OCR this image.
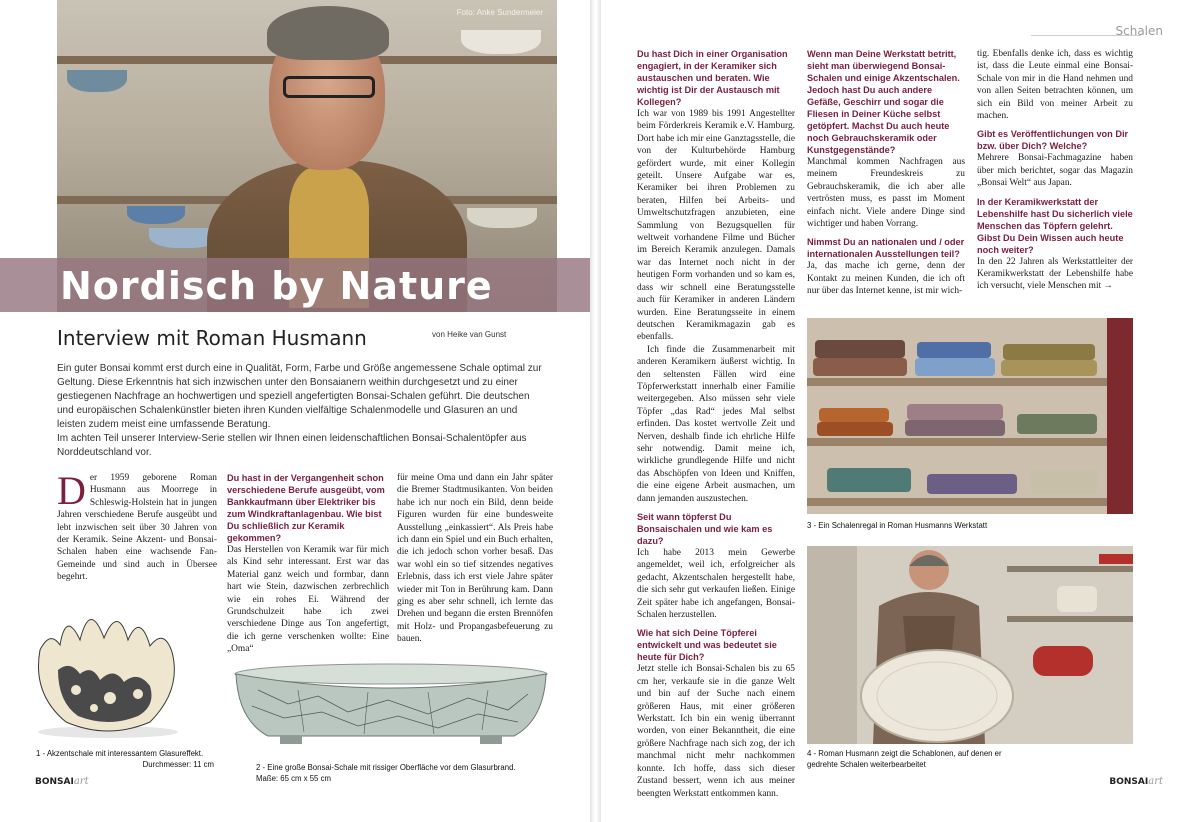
Foto: Anke Sundermeier
Nordisch by Nature
Interview mit Roman Husmann	von Heike van Gunst

Ein guter Bonsai kommt erst durch eine in Qualität, Form, Farbe und Größe angemessene Schale optimal zur Geltung. Diese Erkenntnis hat sich inzwischen unter den Bonsaianern weithin durchgesetzt und zu einer gestiegenen Nachfrage an hochwertigen und speziell angefertigten Bonsai-Schalen geführt. Die deutschen und europäischen Schalenkünstler bieten ihren Kunden vielfältige Schalenmodelle und Glasuren an und leisten zudem meist eine umfassende Beratung.

Im achten Teil unserer Interview-Serie stellen wir Ihnen einen leidenschaftlichen Bonsai-Schalentöpfer aus Norddeutschland vor.

D er 1959 geborene Roman Husmann aus Moorrege in Schleswig-Holstein hat in jungen Jahren verschiedene Berufe ausgeübt und lebt inzwischen seit über 30 Jahren von der Keramik. Seine Akzent- und Bonsai-Schalen haben eine wachsende Fan-Gemeinde und sind auch in Übersee begehrt.

Du hast in der Vergangenheit schon verschiedene Berufe ausgeübt, vom Bankkaufmann über Elektriker bis zum Windkraftanlagenbau. Wie bist Du schließlich zur Keramik gekommen?

Das Herstellen von Keramik war für mich als Kind sehr interessant. Erst war das Material ganz weich und formbar, dann hart wie Stein, dazwischen zerbrechlich wie ein rohes Ei. Während der Grundschulzeit habe ich zwei verschiedene Dinge aus Ton angefertigt, die ich gerne verschenken wollte: Eine „Oma“

für meine Oma und dann ein Jahr später die Bremer Stadtmusikanten. Von beiden habe ich nur noch ein Bild, denn beide Figuren wurden für eine bundesweite Ausstellung „einkassiert“. Als Preis habe ich dann ein Spiel und ein Buch erhalten, die ich jedoch schon vorher besaß. Das war wohl ein so tief sitzendes negatives Erlebnis, dass ich erst viele Jahre später wieder mit Ton in Berührung kam. Dann ging es aber sehr schnell, ich lernte das Drehen und begann die ersten Brennöfen mit Holz- und Propangasbefeuerung zu bauen.

1 - Akzentschale mit interessantem Glasureffekt.
Durchmesser: 11 cm	2 - Eine große Bonsai-Schale mit rissiger Oberfläche vor dem Glasurbrand.
Maße: 65 cm x 55 cm
BONSAIart
Schalen

Du hast Dich in einer Organisation engagiert, in der Keramiker sich austauschen und beraten. Wie wichtig ist Dir der Austausch mit Kollegen?

Ich war von 1989 bis 1991 Angestellter beim Förderkreis Keramik e.V. Hamburg. Dort habe ich mir eine Ganztagsstelle, die von der Kulturbehörde Hamburg gefördert wurde, mit einer Kollegin geteilt. Unsere Aufgabe war es, Keramiker bei ihren Problemen zu beraten, Hilfen bei Arbeits- und Umweltschutzfragen anzubieten, eine Sammlung von Bezugsquellen für weltweit vorhandene Filme und Bücher im Bereich Keramik anzulegen. Damals war das Internet noch nicht in der heutigen Form vorhanden und so kam es, dass wir schnell eine Beratungsstelle auch für Keramiker in anderen Ländern wurden. Eine Beratungsseite in einem deutschen Keramikmagazin gab es ebenfalls.

Ich finde die Zusammenarbeit mit anderen Keramikern äußerst wichtig. In den seltensten Fällen wird eine Töpferwerkstatt innerhalb einer Familie weitergegeben. Also müssen sehr viele Töpfer „das Rad“ jedes Mal selbst erfinden. Das kostet wertvolle Zeit und Nerven, deshalb finde ich ehrliche Hilfe sehr notwendig. Damit meine ich, wirkliche grundlegende Hilfe und nicht das Abschöpfen von Ideen und Kniffen, die eine eigene Arbeit ausmachen, um dann jemanden auszustechen.

Seit wann töpferst Du Bonsaischalen und wie kam es dazu?

Ich habe 2013 mein Gewerbe angemeldet, weil ich, erfolgreicher als gedacht, Akzentschalen hergestellt habe, die sich sehr gut verkaufen ließen. Einige Zeit später habe ich angefangen, Bonsai-Schalen herzustellen.

Wie hat sich Deine Töpferei entwickelt und was bedeutet sie heute für Dich?

Jetzt stelle ich Bonsai-Schalen bis zu 65 cm her, verkaufe sie in die ganze Welt und bin auf der Suche nach einem größeren Haus, mit einer größeren Werkstatt. Ich bin ein wenig überrannt worden, von einer Bekanntheit, die eine größere Nachfrage nach sich zog, der ich manchmal nicht mehr nachkommen konnte. Ich hoffe, dass sich dieser Zustand bessert, wenn ich aus meiner beengten Werkstatt entkommen kann.

Wenn man Deine Werkstatt betritt, sieht man überwiegend Bonsai-Schalen und einige Akzentschalen. Jedoch hast Du auch andere Gefäße, Geschirr und sogar die Fliesen in Deiner Küche selbst getöpfert. Machst Du auch heute noch Gebrauchskeramik oder Kunstgegenstände?

Manchmal kommen Nachfragen aus meinem Freundeskreis zu Gebrauchskeramik, die ich aber alle vertrösten muss, es passt im Moment einfach nicht. Viele andere Dinge sind wichtiger und haben Vorrang.

Nimmst Du an nationalen und / oder internationalen Ausstellungen teil?

Ja, das mache ich gerne, denn der Kontakt zu meinen Kunden, die ich oft nur über das Internet kenne, ist mir wich-

tig. Ebenfalls denke ich, dass es wichtig ist, dass die Leute einmal eine Bonsai-Schale von mir in die Hand nehmen und von allen Seiten betrachten können, um sich ein Bild von meiner Arbeit zu machen.

Gibt es Veröffentlichungen von Dir bzw. über Dich? Welche?

Mehrere Bonsai-Fachmagazine haben über mich berichtet, sogar das Magazin „Bonsai Welt“ aus Japan.

In der Keramikwerkstatt der Lebenshilfe hast Du sicherlich viele Menschen das Töpfern gelehrt. Gibst Du Dein Wissen auch heute noch weiter?

In den 22 Jahren als Werkstattleiter der Keramikwerkstatt der Lebenshilfe habe ich versucht, viele Menschen mit →

3 - Ein Schalenregal in Roman Husmanns Werkstatt
4 - Roman Husmann zeigt die Schablonen, auf denen er
gedrehte Schalen weiterbearbeitet
BONSAIart
